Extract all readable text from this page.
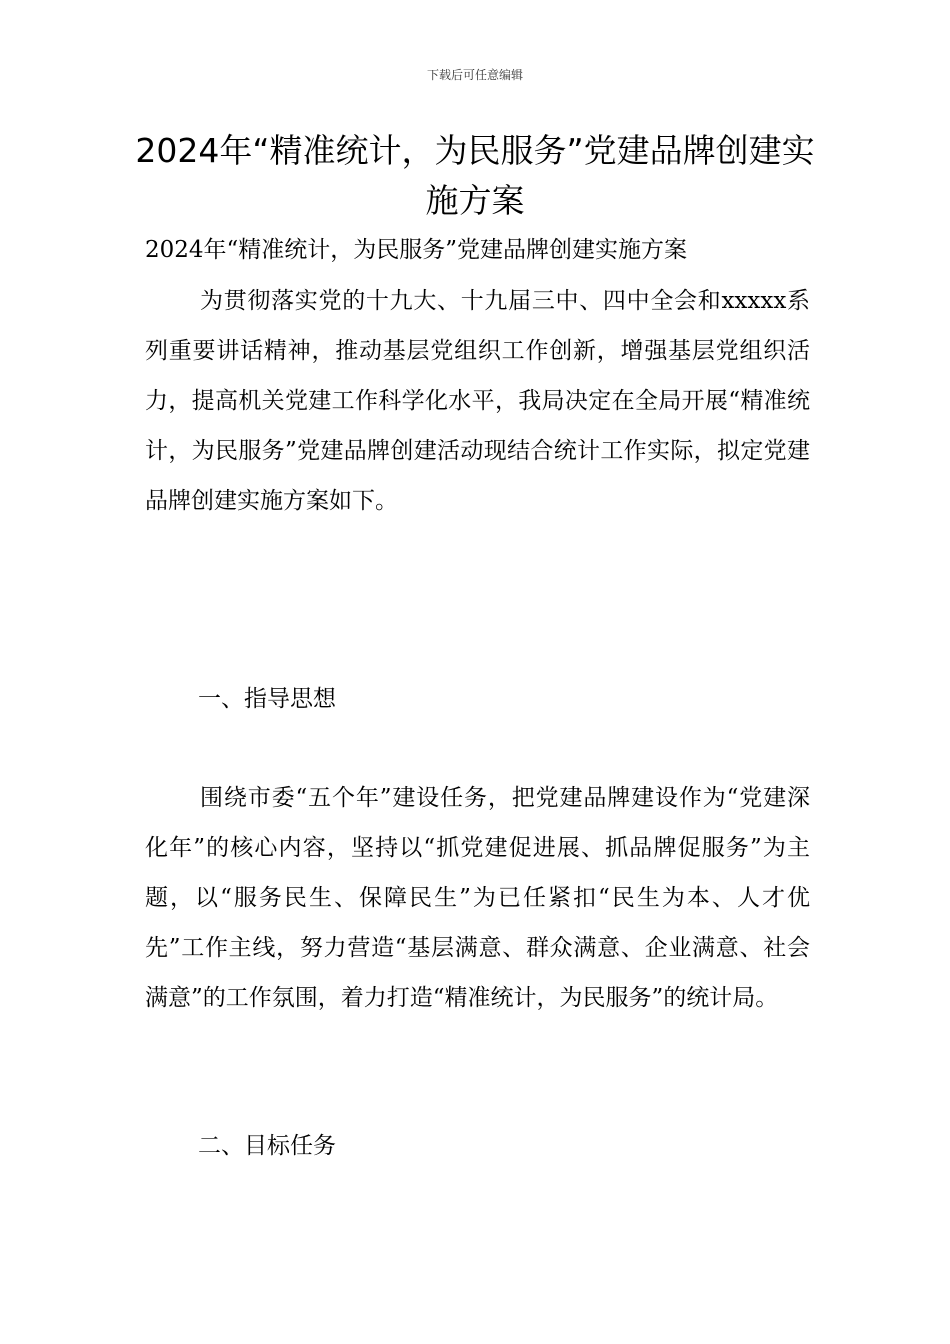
下载后可任意编辑
2024年“精准统计，为民服务”党建品牌创建实施方案
2024年“精准统计，为民服务”党建品牌创建实施方案

为贯彻落实党的十九大、十九届三中、四中全会和xxxxx系列重要讲话精神，推动基层党组织工作创新，增强基层党组织活力，提高机关党建工作科学化水平，我局决定在全局开展“精准统计，为民服务”党建品牌创建活动现结合统计工作实际，拟定党建品牌创建实施方案如下。

一、指导思想

围绕市委“五个年”建设任务，把党建品牌建设作为“党建深化年”的核心内容，坚持以“抓党建促进展、抓品牌促服务”为主题，以“服务民生、保障民生”为已任紧扣“民生为本、人才优先”工作主线，努力营造“基层满意、群众满意、企业满意、社会满意”的工作氛围，着力打造“精准统计，为民服务”的统计局。

二、目标任务
